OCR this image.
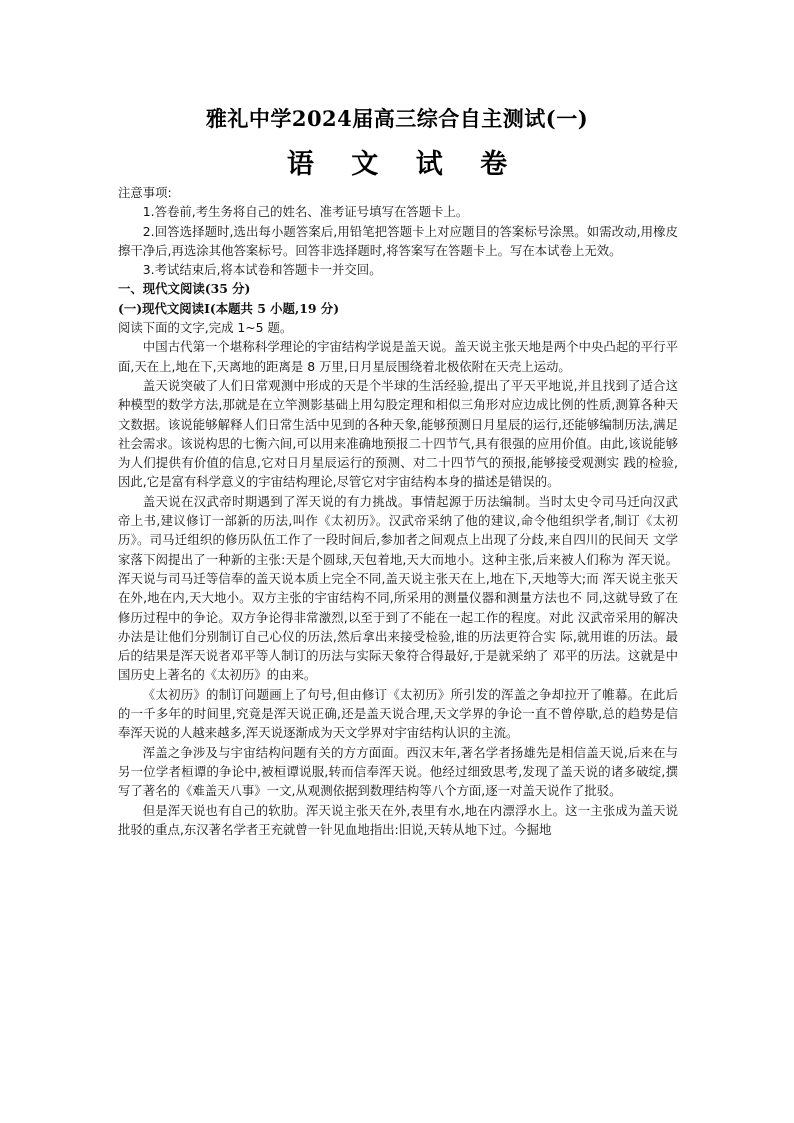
雅礼中学2024届高三综合自主测试(一)
语 文 试 卷

注意事项:

1.答卷前,考生务将自己的姓名、准考证号填写在答题卡上。

2.回答选择题时,选出每小题答案后,用铅笔把答题卡上对应题目的答案标号涂黑。如需改动,用橡皮擦干净后,再选涂其他答案标号。回答非选择题时,将答案写在答题卡上。写在本试卷上无效。

3.考试结束后,将本试卷和答题卡一并交回。

一、现代文阅读(35 分)

(一)现代文阅读Ⅰ(本题共 5 小题,19 分)

阅读下面的文字,完成 1~5 题。

中国古代第一个堪称科学理论的宇宙结构学说是盖天说。盖天说主张天地是两个中央凸起的平行平面,天在上,地在下,天离地的距离是 8 万里,日月星辰围绕着北极依附在天壳上运动。

盖天说突破了人们日常观测中形成的天是个半球的生活经验,提出了平天平地说,并且找到了适合这种模型的数学方法,那就是在立竿测影基础上用勾股定理和相似三角形对应边成比例的性质,测算各种天文数据。该说能够解释人们日常生活中见到的各种天象,能够预测日月星辰的运行,还能够编制历法,满足社会需求。该说构思的七衡六间,可以用来准确地预报二十四节气,具有很强的应用价值。由此,该说能够为人们提供有价值的信息,它对日月星辰运行的预测、对二十四节气的预报,能够接受观测实 践的检验,因此,它是富有科学意义的宇宙结构理论,尽管它对宇宙结构本身的描述是错误的。

盖天说在汉武帝时期遇到了浑天说的有力挑战。事情起源于历法编制。当时太史令司马迁向汉武 帝上书,建议修订一部新的历法,叫作《太初历》。汉武帝采纳了他的建议,命令他组织学者,制订《太初历》。司马迁组织的修历队伍工作了一段时间后,参加者之间观点上出现了分歧,来自四川的民间天 文学家落下闳提出了一种新的主张:天是个圆球,天包着地,天大而地小。这种主张,后来被人们称为 浑天说。浑天说与司马迁等信奉的盖天说本质上完全不同,盖天说主张天在上,地在下,天地等大;而 浑天说主张天在外,地在内,天大地小。双方主张的宇宙结构不同,所采用的测量仪器和测量方法也不 同,这就导致了在修历过程中的争论。双方争论得非常激烈,以至于到了不能在一起工作的程度。对此 汉武帝采用的解决办法是让他们分别制订自己心仪的历法,然后拿出来接受检验,谁的历法更符合实 际,就用谁的历法。最后的结果是浑天说者邓平等人制订的历法与实际天象符合得最好,于是就采纳了 邓平的历法。这就是中国历史上著名的《太初历》的由来。

《太初历》的制订问题画上了句号,但由修订《太初历》所引发的浑盖之争却拉开了帷幕。在此后的一千多年的时间里,究竟是浑天说正确,还是盖天说合理,天文学界的争论一直不曾停歇,总的趋势是信奉浑天说的人越来越多,浑天说逐渐成为天文学界对宇宙结构认识的主流。

浑盖之争涉及与宇宙结构问题有关的方方面面。西汉末年,著名学者扬雄先是相信盖天说,后来在与另一位学者桓谭的争论中,被桓谭说服,转而信奉浑天说。他经过细致思考,发现了盖天说的诸多破绽,撰写了著名的《难盖天八事》一文,从观测依据到数理结构等八个方面,逐一对盖天说作了批驳。

但是浑天说也有自己的软肋。浑天说主张天在外,表里有水,地在内漂浮水上。这一主张成为盖天说批驳的重点,东汉著名学者王充就曾一针见血地指出:旧说,天转从地下过。今掘地
